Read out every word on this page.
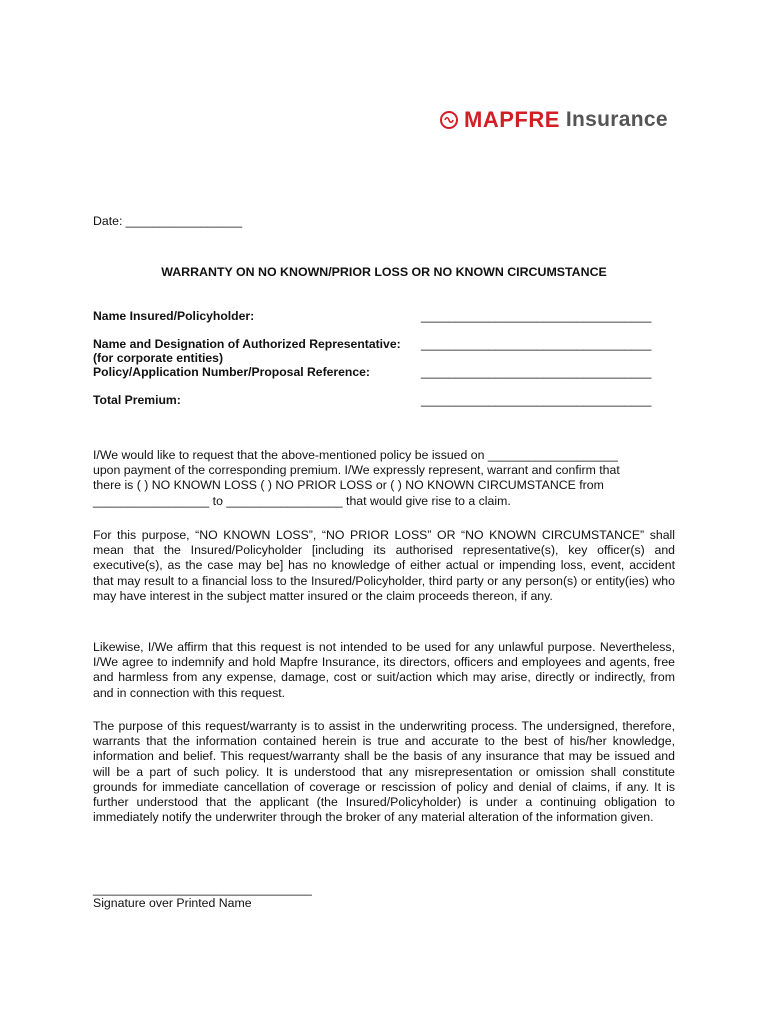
MAPFRE Insurance
Date: _________________
WARRANTY ON NO KNOWN/PRIOR LOSS OR NO KNOWN CIRCUMSTANCE
Name Insured/Policyholder:	__________________________________
Name and Designation of Authorized Representative:
(for corporate entities)
__________________________________
Policy/Application Number/Proposal Reference:	__________________________________
Total Premium:	__________________________________

I/We would like to request that the above-mentioned policy be issued on ___________________

upon payment of the corresponding premium. I/We expressly represent, warrant and confirm that

there is ( ) NO KNOWN LOSS ( ) NO PRIOR LOSS or ( ) NO KNOWN CIRCUMSTANCE from

_________________ to _________________ that would give rise to a claim.

For this purpose, “NO KNOWN LOSS”, “NO PRIOR LOSS” OR “NO KNOWN CIRCUMSTANCE” shall mean that the Insured/Policyholder [including its authorised representative(s), key officer(s) and executive(s), as the case may be] has no knowledge of either actual or impending loss, event, accident that may result to a financial loss to the Insured/Policyholder, third party or any person(s) or entity(ies) who may have interest in the subject matter insured or the claim proceeds thereon, if any.

Likewise, I/We affirm that this request is not intended to be used for any unlawful purpose. Nevertheless, I/We agree to indemnify and hold Mapfre Insurance, its directors, officers and employees and agents, free and harmless from any expense, damage, cost or suit/action which may arise, directly or indirectly, from and in connection with this request.

The purpose of this request/warranty is to assist in the underwriting process. The undersigned, therefore, warrants that the information contained herein is true and accurate to the best of his/her knowledge, information and belief. This request/warranty shall be the basis of any insurance that may be issued and will be a part of such policy. It is understood that any misrepresentation or omission shall constitute grounds for immediate cancellation of coverage or rescission of policy and denial of claims, if any. It is further understood that the applicant (the Insured/Policyholder) is under a continuing obligation to immediately notify the underwriter through the broker of any material alteration of the information given.

________________________________
Signature over Printed Name
